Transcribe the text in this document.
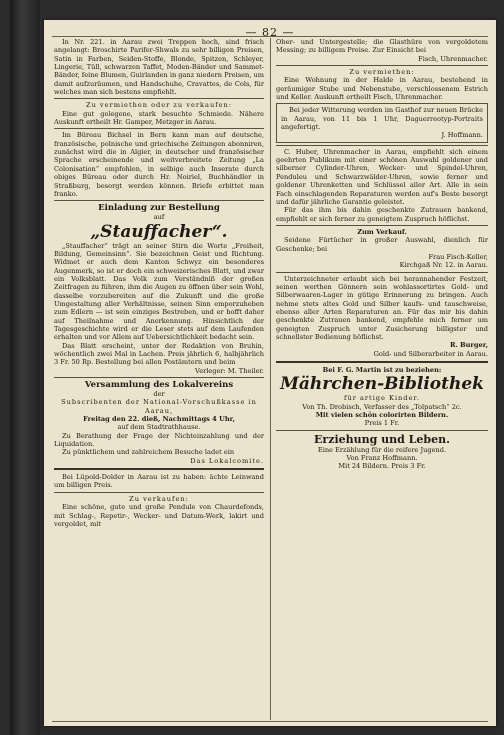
— 82 —

In Nr. 221. in Aarau zwei Treppen hoch, sind frisch angelangt: Broschirte Parifer-Shwals zu sehr billigen Preisen, Satin in Farben, Seiden-Stoffe, Blonde, Spitzen, Schleyer, Lingerie, Tüll, schwarzen Taffet, Moden-Bänder und Sammet-Bänder, feine Blumen, Guirlanden in ganz niedern Preisen, um damit aufzuräumen, und Handschuhe, Cravattes, de Cols, für welches man sich bestens empfiehlt.

Zu vermiethen oder zu verkaufen:

Eine gut gelegene, stark besuchte Schmiede. Nähere Auskunft ertheilt Hr. Gamper, Metzger in Aarau.

Im Büreau Bichsel in Bern kann man auf deutsche, französische, polnische und griechische Zeitungen abonniren, zunächst wird die in Algier, in deutscher und französischer Sprache erscheinende und weitverbreitete Zeitung „La Colonisation“ empfohlen, in selbige auch Inserate durch obiges Büreau oder durch Hr. Noiriel, Buchhändler in Straßburg, besorgt werden können. Briefe erbittet man franko.

Einladung zur Bestellung

auf

„Stauffacher“.

„Stauffacher“ trägt an seiner Stirn die Worte „Freiheit, Bildung, Gemeinsinn“. Sie bezeichnen Geist und Richtung. Widmet er auch dem Kanton Schwyz ein besonderes Augenmerk, so ist er doch ein schweizerisches Blatt, und zwar ein Volksblatt. Das Volk zum Verständniß der großen Zeitfragen zu führen, ihm die Augen zu öffnen über sein Wohl, dasselbe vorzubereiten auf die Zukunft und die große Umgestaltung aller Verhältnisse, seinen Sinn emporzuheben zum Edlern — ist sein einziges Bestreben, und er hofft daher auf Theilnahme und Anerkennung. Hinsichtlich der Tagesgeschichte wird er die Leser stets auf dem Laufenden erhalten und vor Allem auf Uebersichtlichkeit bedacht sein.

Das Blatt erscheint, unter der Redaktion von Bruhin, wöchentlich zwei Mal in Lachen. Preis jährlich 6, halbjährlich 3 Fr. 50 Rp. Bestellung bei allen Postämtern und beim

Verleger: M. Theiler.

Versammlung des Lokalvereins

der

Subscribenten der National-Vorschußkasse in Aarau,

Freitag den 22. dieß, Nachmittags 4 Uhr,

auf dem Stadtrathhause.

Zu Berathung der Frage der Nichteinzahlung und der Liquidation.

Zu pünktlichem und zahlreichem Besuche ladet ein

Das Lokalcomite.

Bei Lüpold-Dolder in Aarau ist zu haben: ächte Leinwand um billigen Preis.

Zu verkaufen:

Eine schöne, gute und große Pendule von Chaurdefonds, mit Schlag-, Repetir-, Wecker- und Datum-Werk, lakirt und vergoldet, mit

Ober- und Untergestelle; die Glasthüre von vergoldetem Messing; zu billigem Preise. Zur Einsicht bei

Fisch, Uhrenmacher.

Zu vermiethen:

Eine Wohnung in der Halde in Aarau, bestehend in geräumiger Stube und Nebenstube, verschlossenem Estrich und Keller. Auskunft ertheilt Fisch, Uhrenmacher.

Bei jeder Witterung werden im Gasthof zur neuen Brücke in Aarau, von 11 bis 1 Uhr, Daguerreotyp-Portraits angefertigt.

J. Hoffmann.

C. Huber, Uhrenmacher in Aarau, empfiehlt sich einem geehrten Publikum mit einer schönen Auswahl goldener und silberner Cylinder-Uhren, Wecker- und Spindel-Uhren, Penduleu und Schwarzwälder-Uhren, sowie ferner und goldener Uhrenketten und Schlüssel aller Art. Alle in sein Fach einschlagenden Reparaturen werden auf's Beste besorgt und dafür jährliche Garantie geleistet.

Für das ihm bis dahin geschenkte Zutrauen bankend, empfiehlt er sich ferner zu geneigtem Zuspruch höflichst.

Zum Verkauf.

Seidene Fürtücher in großer Auswahl, dienlich für Geschenke; bei

Frau Fisch-Keller,

Kirchgaß Nr. 12. in Aarau.

Unterzeichneter erlaubt sich bei herannahender Festzeit, seinen werthen Gönnern sein wohlassortirtes Gold- und Silberwaaren-Lager in gütige Erinnerung zu bringen. Auch nehme stets altes Gold und Silber kaufs- und tauschweise, ebenso aller Arten Reparaturen an. Für das mir bis dahin geschenkte Zutrauen bankend, empfehle mich ferner um geneigten Zuspruch unter Zusicherung billigster und schnellster Bedienung höflichst.

R. Burger,

Gold- und Silberarbeiter in Aarau.

Bei F. G. Martin ist zu beziehen:

Mährchen-Bibliothek

für artige Kinder.

Von Th. Drobisch, Verfasser des „Tolpatsch“ 2c.

Mit vielen schön colorirten Bildern.

Preis 1 Fr.

Erziehung und Leben.

Eine Erzählung für die reifere Jugend.

Von Franz Hoffmann.

Mit 24 Bildern. Preis 3 Fr.
